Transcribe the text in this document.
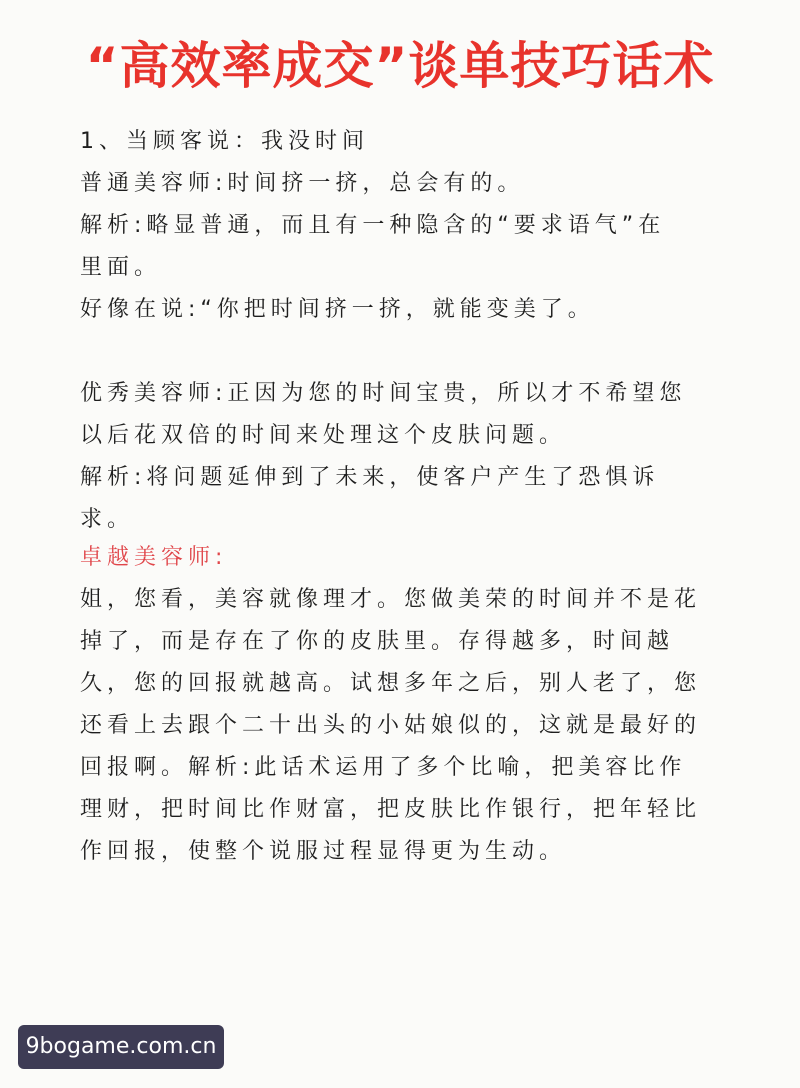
“高效率成交”谈单技巧话术
1、当顾客说：我没时间
普通美容师:时间挤一挤，总会有的。
解析:略显普通，而且有一种隐含的“要求语气”在
里面。
好像在说:“你把时间挤一挤，就能变美了。
优秀美容师:正因为您的时间宝贵，所以才不希望您
以后花双倍的时间来处理这个皮肤问题。
解析:将问题延伸到了未来，使客户产生了恐惧诉
求。
卓越美容师:
姐，您看，美容就像理才。您做美荣的时间并不是花
掉了，而是存在了你的皮肤里。存得越多，时间越
久，您的回报就越高。试想多年之后，别人老了，您
还看上去跟个二十出头的小姑娘似的，这就是最好的
回报啊。解析:此话术运用了多个比喻，把美容比作
理财，把时间比作财富，把皮肤比作银行，把年轻比
作回报，使整个说服过程显得更为生动。
9bogame.com.cn
